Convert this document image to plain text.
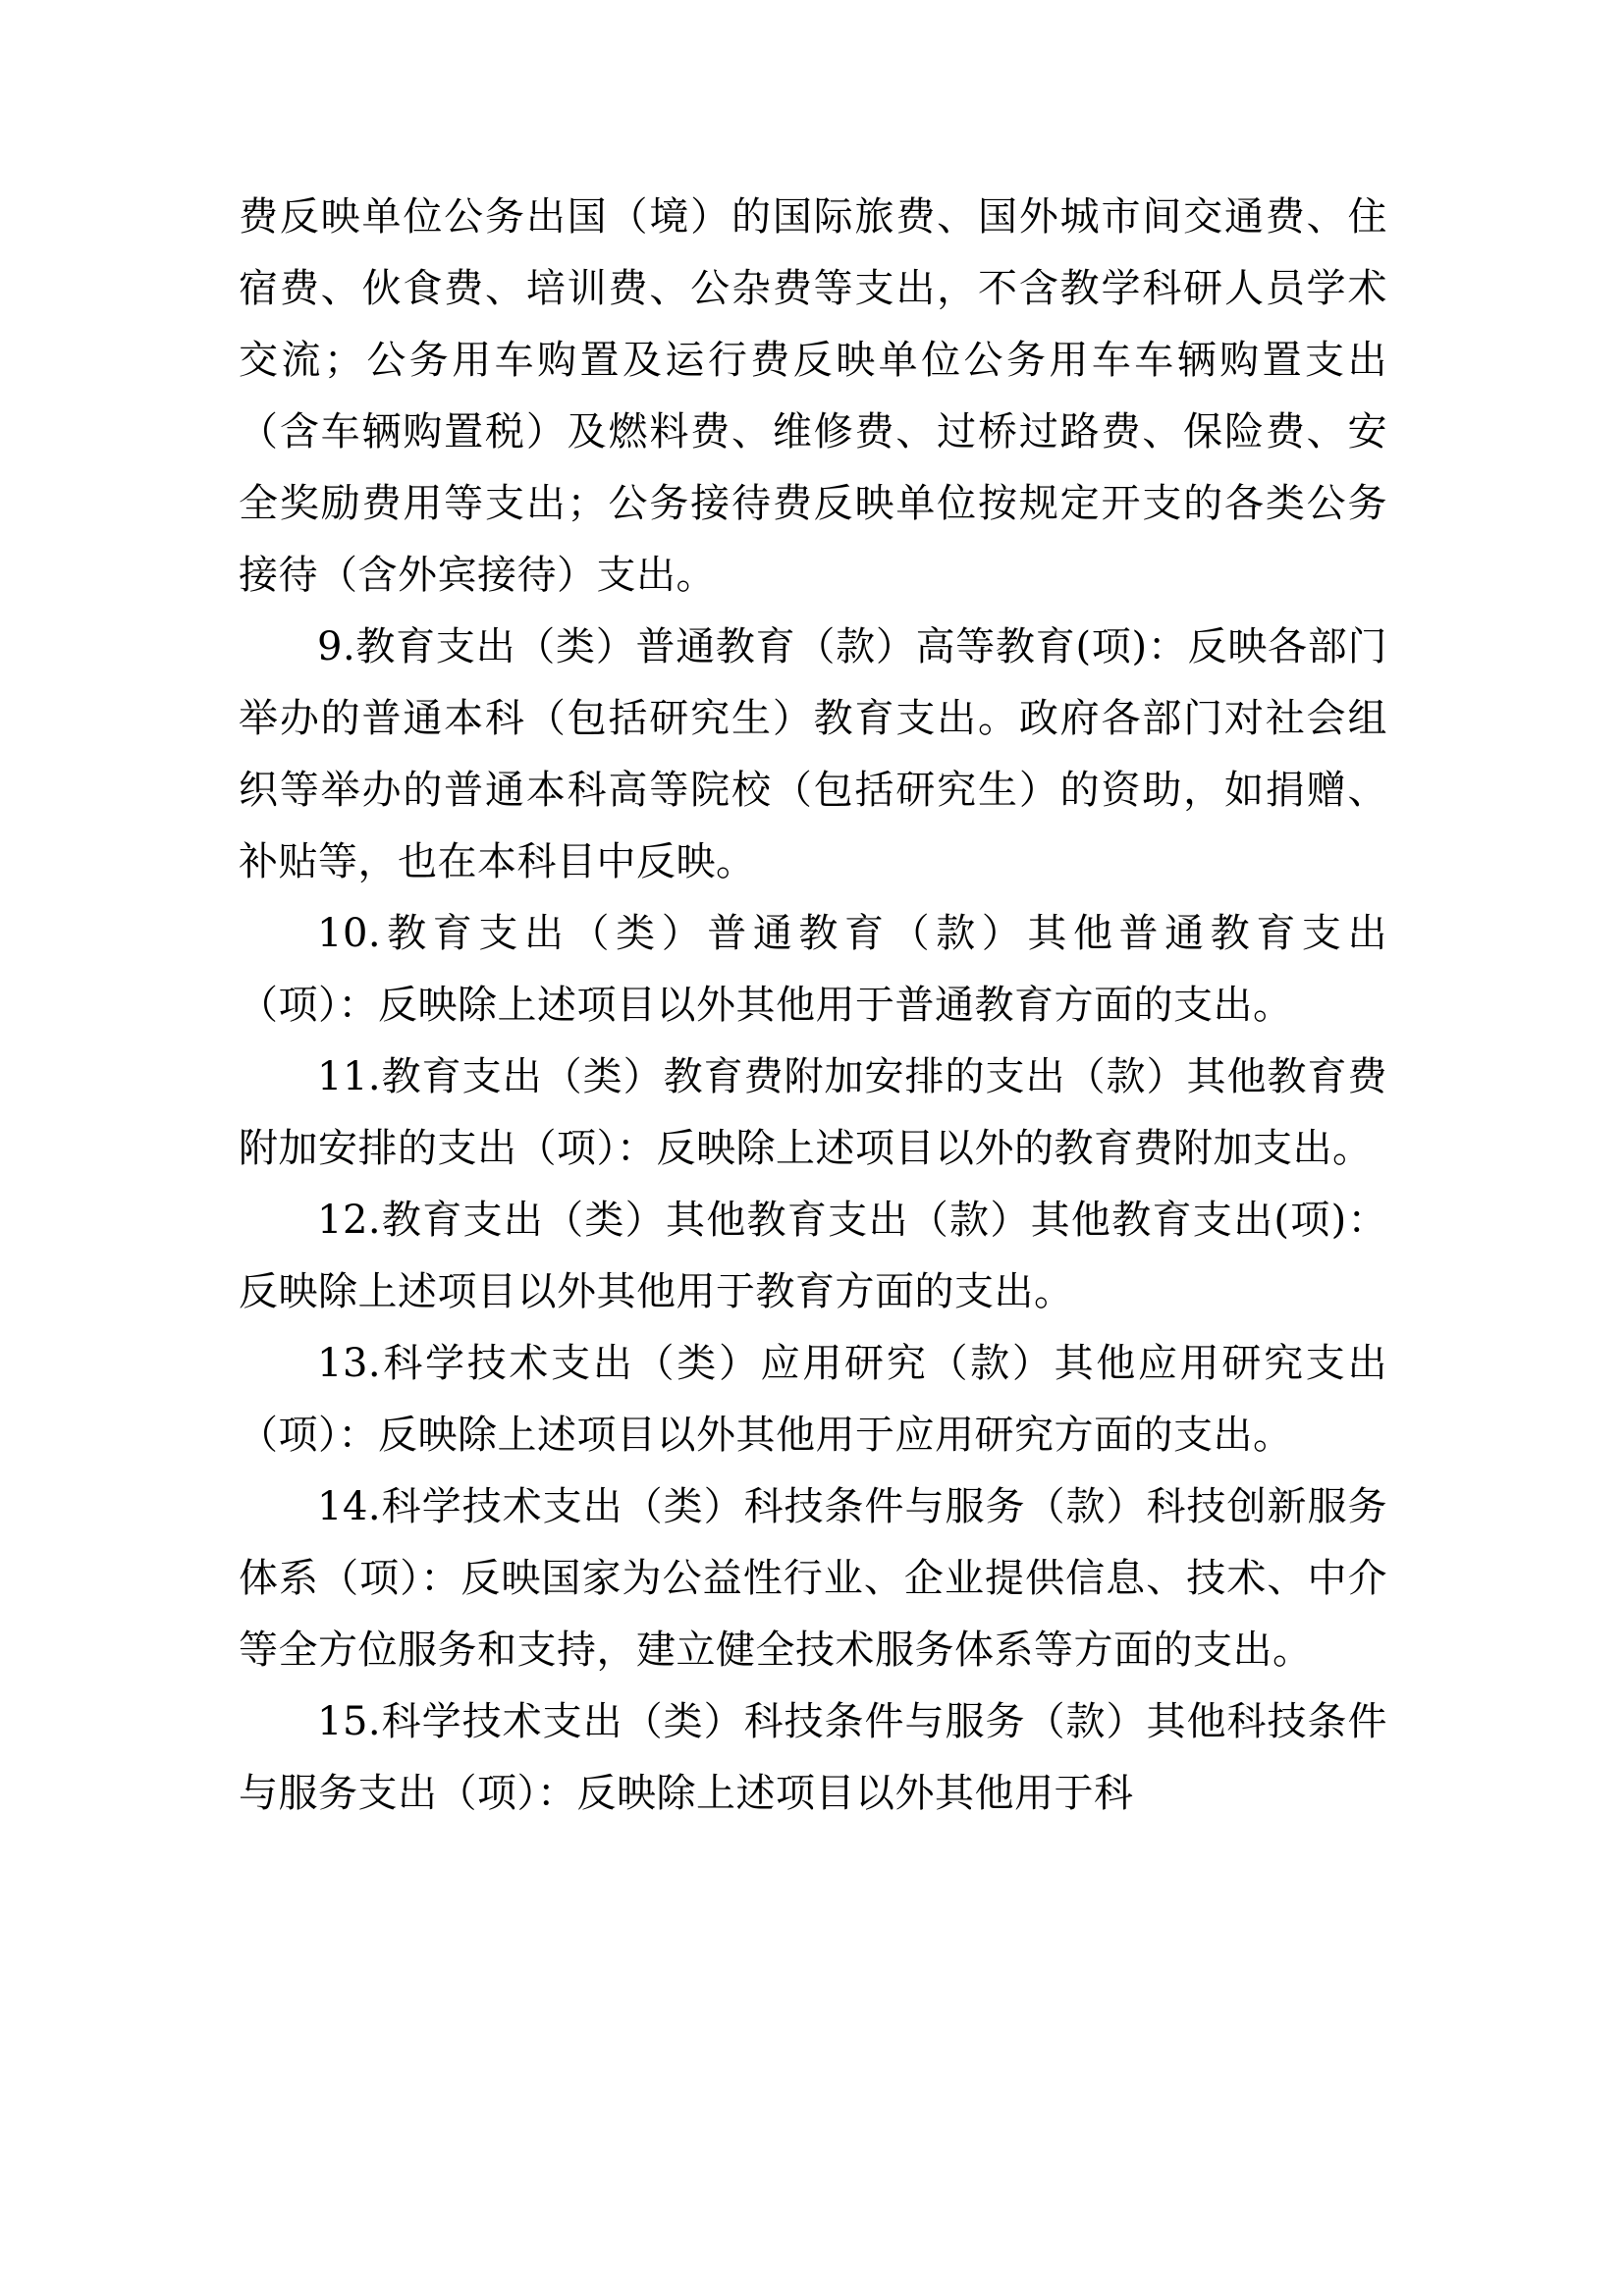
费反映单位公务出国（境）的国际旅费、国外城市间交通费、住宿费、伙食费、培训费、公杂费等支出，不含教学科研人员学术交流；公务用车购置及运行费反映单位公务用车车辆购置支出（含车辆购置税）及燃料费、维修费、过桥过路费、保险费、安全奖励费用等支出；公务接待费反映单位按规定开支的各类公务接待（含外宾接待）支出。

9.教育支出（类）普通教育（款）高等教育(项)：反映各部门举办的普通本科（包括研究生）教育支出。政府各部门对社会组织等举办的普通本科高等院校（包括研究生）的资助，如捐赠、补贴等，也在本科目中反映。

10.教育支出（类）普通教育（款）其他普通教育支出（项）：反映除上述项目以外其他用于普通教育方面的支出。

11.教育支出（类）教育费附加安排的支出（款）其他教育费附加安排的支出（项）：反映除上述项目以外的教育费附加支出。

12.教育支出（类）其他教育支出（款）其他教育支出(项)：反映除上述项目以外其他用于教育方面的支出。

13.科学技术支出（类）应用研究（款）其他应用研究支出（项）：反映除上述项目以外其他用于应用研究方面的支出。

14.科学技术支出（类）科技条件与服务（款）科技创新服务体系（项）：反映国家为公益性行业、企业提供信息、技术、中介等全方位服务和支持，建立健全技术服务体系等方面的支出。

15.科学技术支出（类）科技条件与服务（款）其他科技条件与服务支出（项）：反映除上述项目以外其他用于科
